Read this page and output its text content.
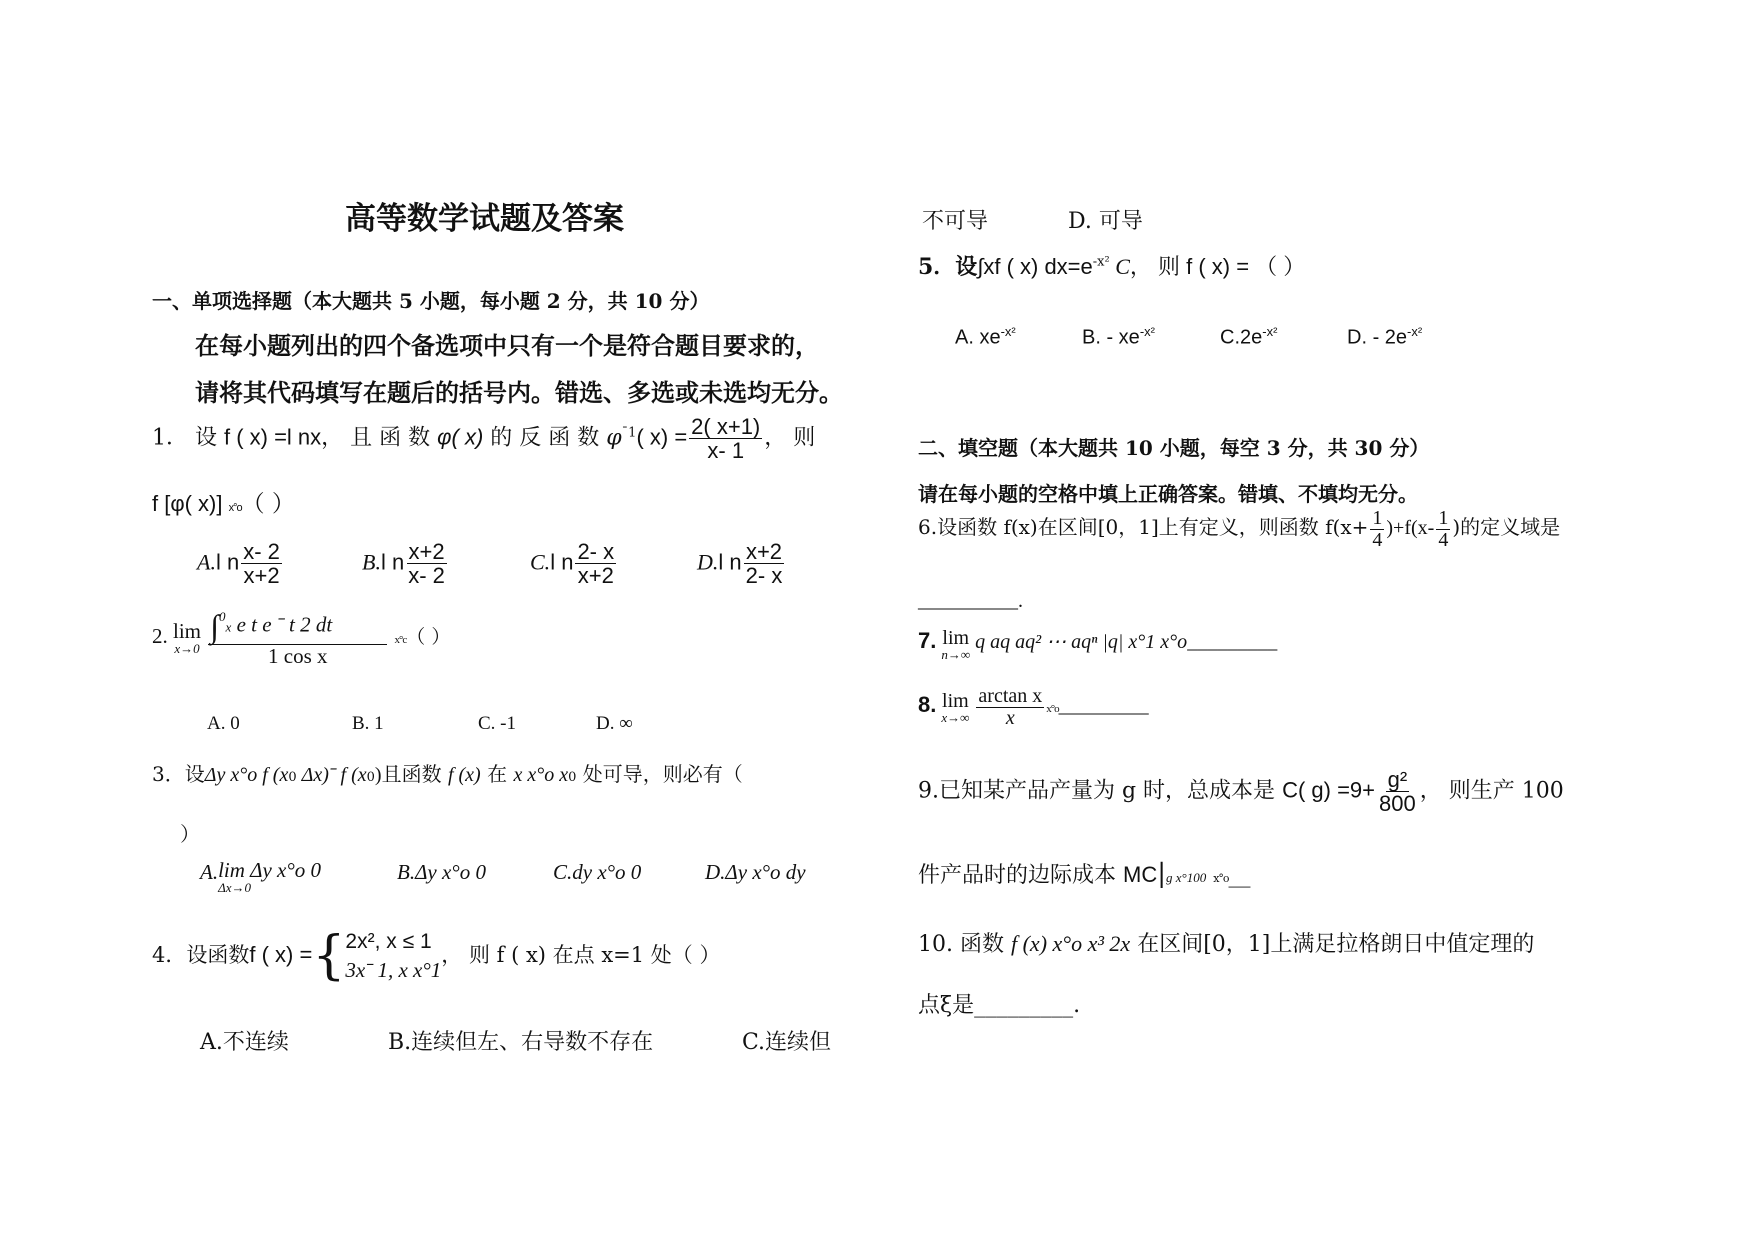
高等数学试题及答案
一、单项选择题（本大题共 5 小题，每小题 2 分，共 10 分）
在每小题列出的四个备选项中只有一个是符合题目要求的，
请将其代码填写在题后的括号内。错选、多选或未选均无分。
1． 设 f ( x) =l nx， 且 函 数 φ( x) 的 反 函 数 $\varphi^{ˉ1}$( $x) = \frac{2( x+1)}{x- 1}$ ， 则
f [φ( x)] x°o（ ）
A.l n $\frac{x- 2}{x+2}$	B.l n $\frac{x+2}{x- 2}$	C.l n $\frac{2- x}{x+2}$	D.l n $\frac{x+2}{2- x}$
2. lim
x→0
$\frac{\int^0x e t e ˉ t 2 dt}{\text{1 cos x}} x^\circ c$（ ）
A. 0	B. 1	C. -1	D. ∞
3．设Δy x°o f (x0 Δx)ˉ f (x0)且函数 f (x) 在 x x°o x0 处可导，则必有（
）
A. lim Δy x°o 0
Δx→0
B.Δy x°o 0	C.dy x°o 0	D.Δy x°o dy
4．设函数f ( x) ={ 2x², x ≤ 1
3xˉ 1, x x°1
， 则 f ( x) 在点 x=1 处（ ）
A.不连续	B.连续但左、右导数不存在	C.连续但
不可导	D. 可导
5．设∫xf ( x) $dx=e^{-x^2}$ C， 则 f ( x) = （ ）
A. $xe^{-x^2}$	B. - $xe^{-x^2}$	$C.2e^{-x^2}$	D. - $2e^{-x^2}$
二、填空题（本大题共 10 小题，每空 3 分，共 30 分）
请在每小题的空格中填上正确答案。错填、不填均无分。
6.设函数 f(x)在区间[0，1]上有定义，则函数 $f(x+ \frac{1}{4} )+f(x- \frac{1}{4}$ )的定义域是
__________.
7. lim
n→∞
q aq aq² ⋯ aqⁿ |q| x°1 x°o_________
8. lim
x→∞
$\frac{\text{arctan x}}{x}$ x°o_________
9.已知某产品产量为 g 时，总成本是 C( $g) =9+ \frac{\text{g²}}{800}$ ， 则生产 100
件产品时的边际成本 MC|g x°100 x°o__
10. 函数 f (x) x°o x³ 2x 在区间[0，1]上满足拉格朗日中值定理的
点ξ是_________.
